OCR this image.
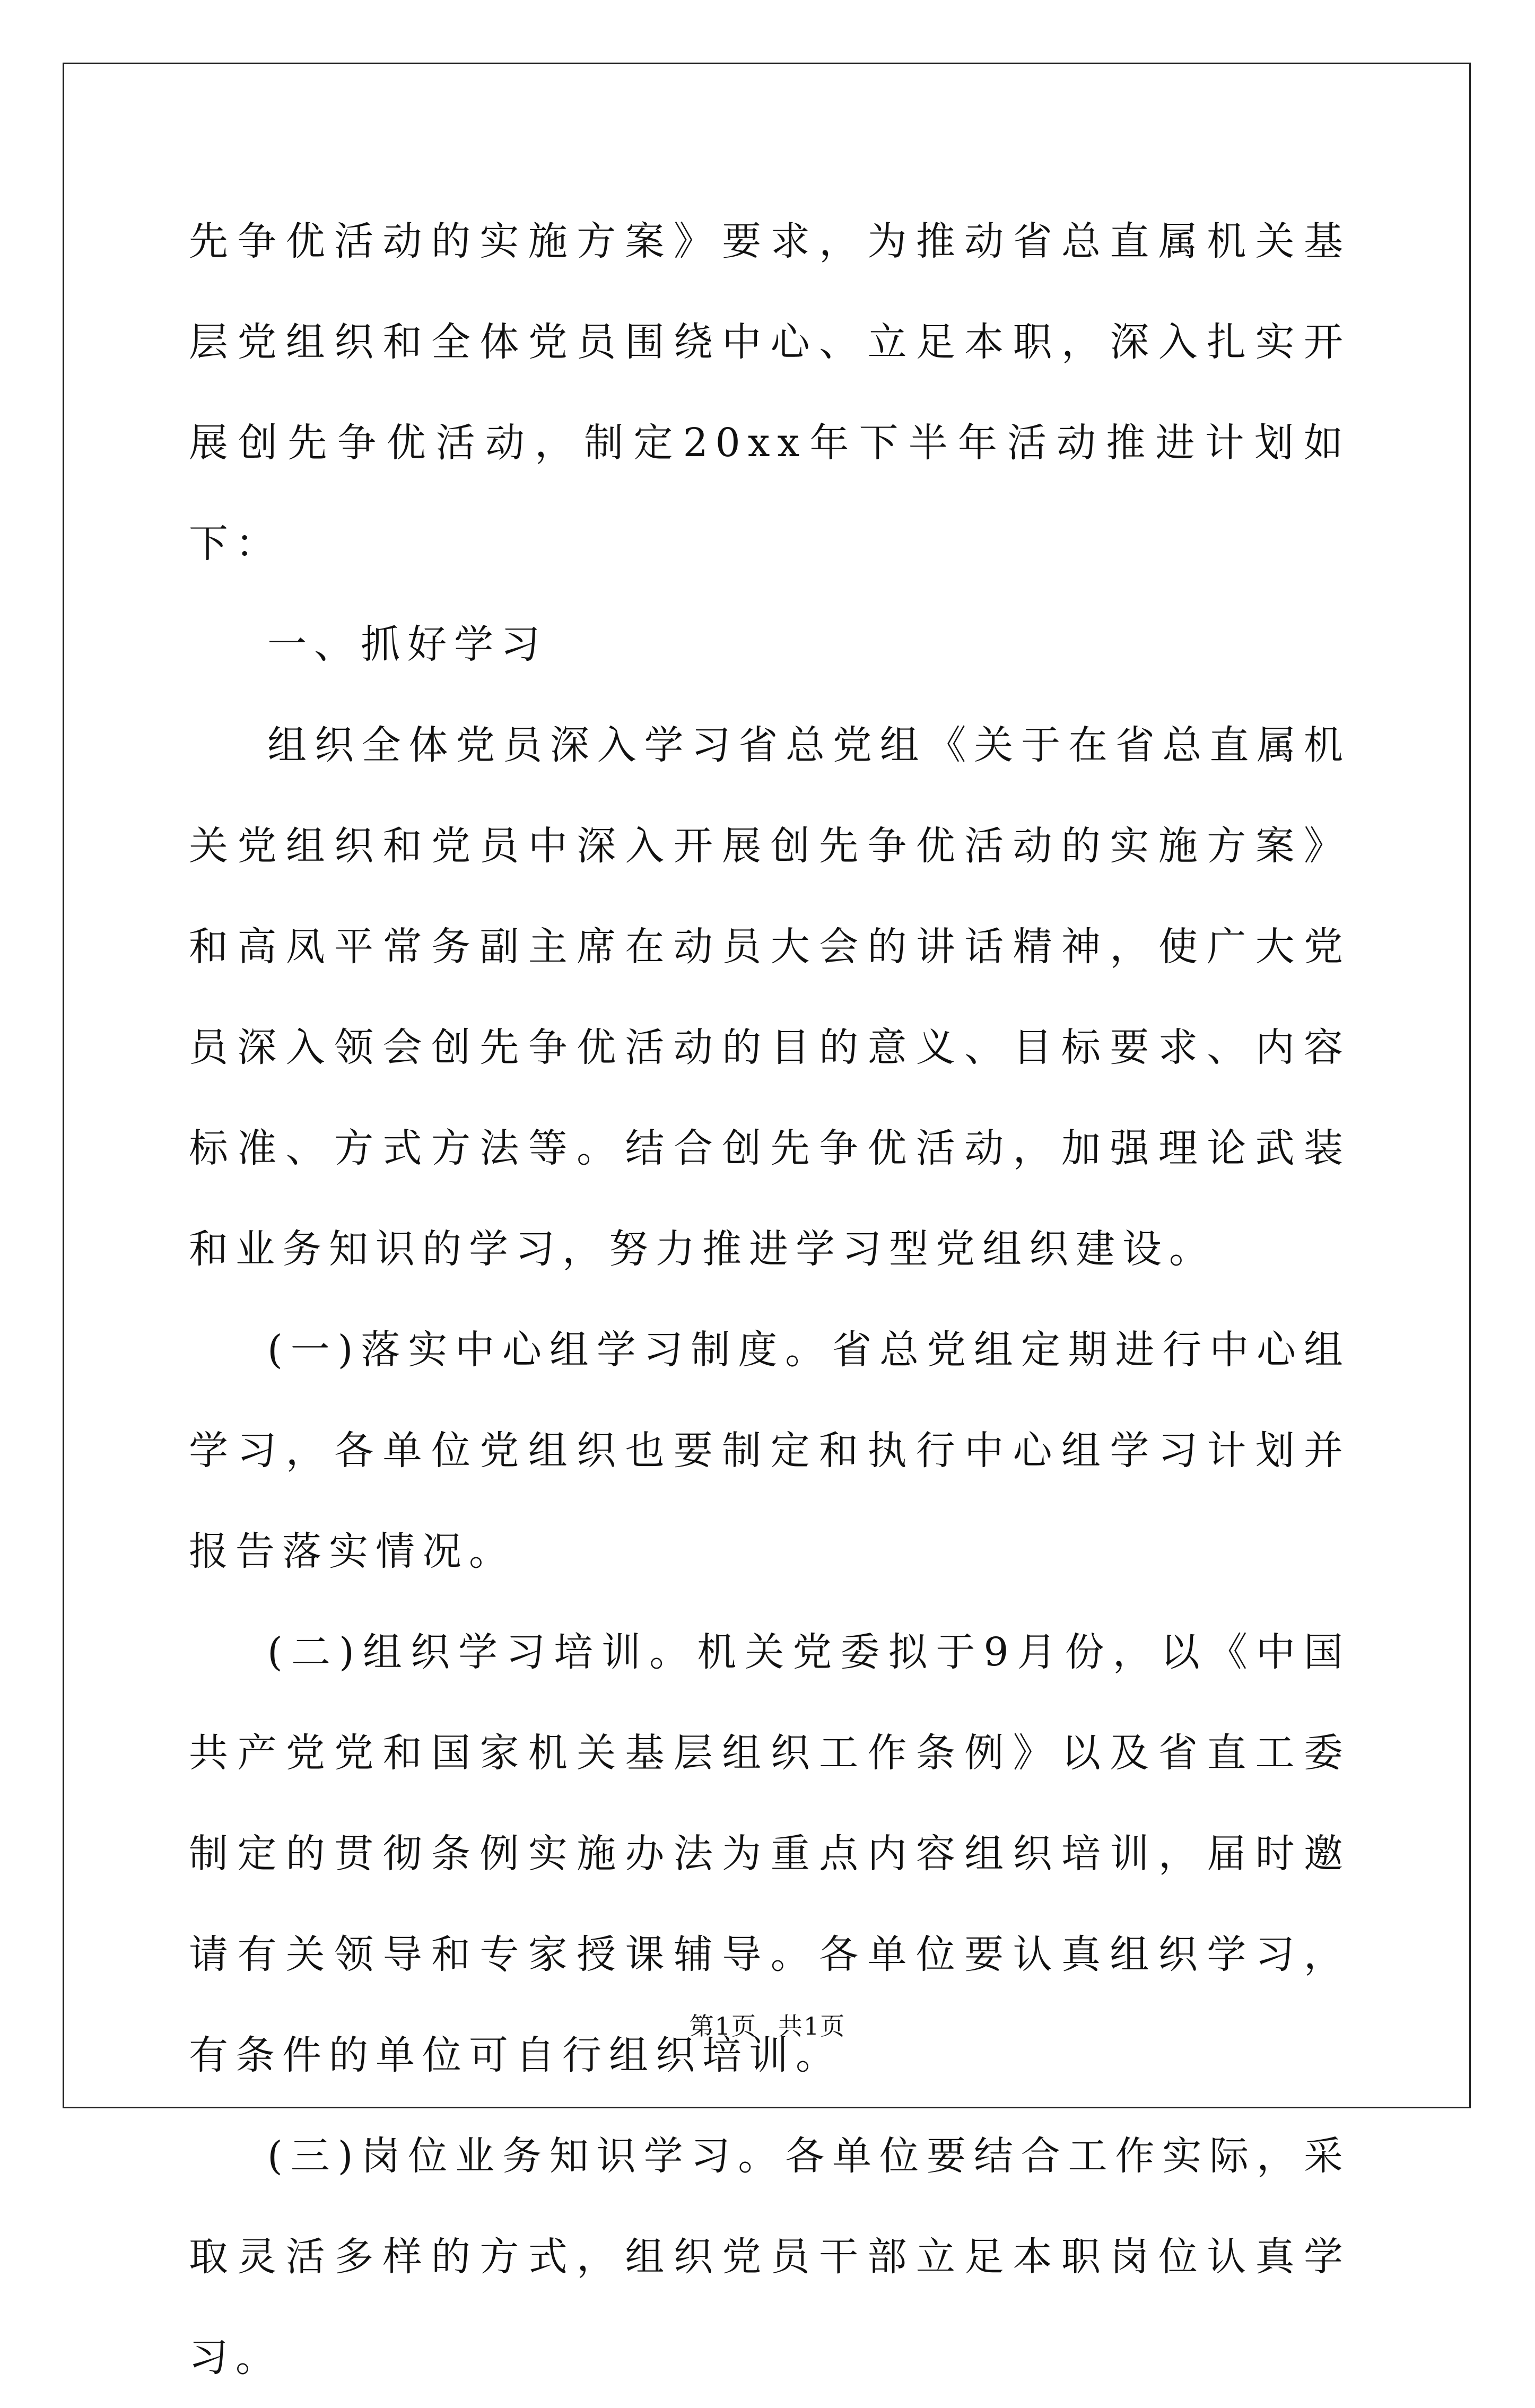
先争优活动的实施方案》要求，为推动省总直属机关基层党组织和全体党员围绕中心、立足本职，深入扎实开展创先争优活动，制定20xx年下半年活动推进计划如下：

一、抓好学习

组织全体党员深入学习省总党组《关于在省总直属机关党组织和党员中深入开展创先争优活动的实施方案》和高凤平常务副主席在动员大会的讲话精神，使广大党员深入领会创先争优活动的目的意义、目标要求、内容标准、方式方法等。结合创先争优活动，加强理论武装和业务知识的学习，努力推进学习型党组织建设。

(一)落实中心组学习制度。省总党组定期进行中心组学习，各单位党组织也要制定和执行中心组学习计划并报告落实情况。

(二)组织学习培训。机关党委拟于9月份，以《中国共产党党和国家机关基层组织工作条例》以及省直工委制定的贯彻条例实施办法为重点内容组织培训，届时邀请有关领导和专家授课辅导。各单位要认真组织学习，有条件的单位可自行组织培训。

(三)岗位业务知识学习。各单位要结合工作实际，采取灵活多样的方式，组织党员干部立足本职岗位认真学习。

第1页 共1页
